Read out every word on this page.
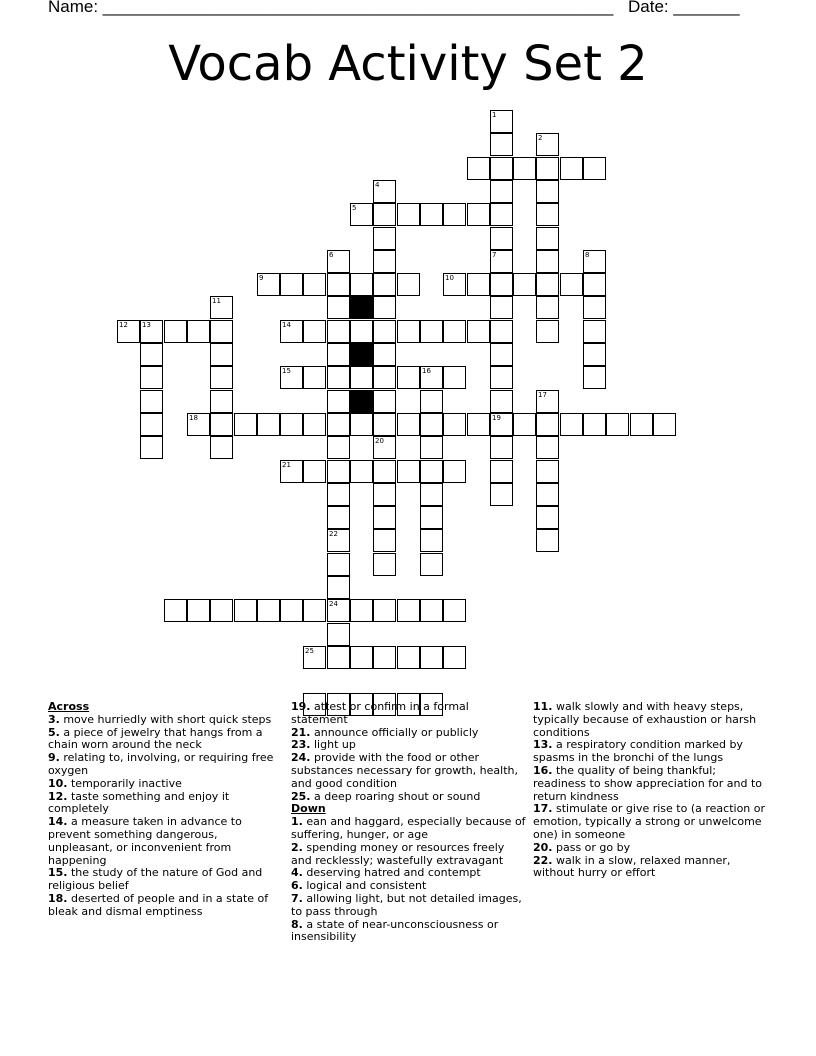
Name: ______________________________________________________ Date: _______
Vocab Activity Set 2
5
9	10
12 13	14
15	16
18	19
21
24
25
1
7
2
4
20
6	8
11
17
22
Across

3. move hurriedly with short quick steps

5. a piece of jewelry that hangs from a chain worn around the neck

9. relating to, involving, or requiring free oxygen

10. temporarily inactive

12. taste something and enjoy it completely

14. a measure taken in advance to prevent something dangerous, unpleasant, or inconvenient from happening

15. the study of the nature of God and religious belief

18. deserted of people and in a state of bleak and dismal emptiness

19. attest or confirm in a formal statement

21. announce officially or publicly

23. light up

24. provide with the food or other substances necessary for growth, health, and good condition

25. a deep roaring shout or sound

Down

1. ean and haggard, especially because of suffering, hunger, or age

2. spending money or resources freely and recklessly; wastefully extravagant

4. deserving hatred and contempt

6. logical and consistent

7. allowing light, but not detailed images, to pass through

8. a state of near-unconsciousness or insensibility

11. walk slowly and with heavy steps, typically because of exhaustion or harsh conditions

13. a respiratory condition marked by spasms in the bronchi of the lungs

16. the quality of being thankful; readiness to show appreciation for and to return kindness

17. stimulate or give rise to (a reaction or emotion, typically a strong or unwelcome one) in someone

20. pass or go by

22. walk in a slow, relaxed manner, without hurry or effort
